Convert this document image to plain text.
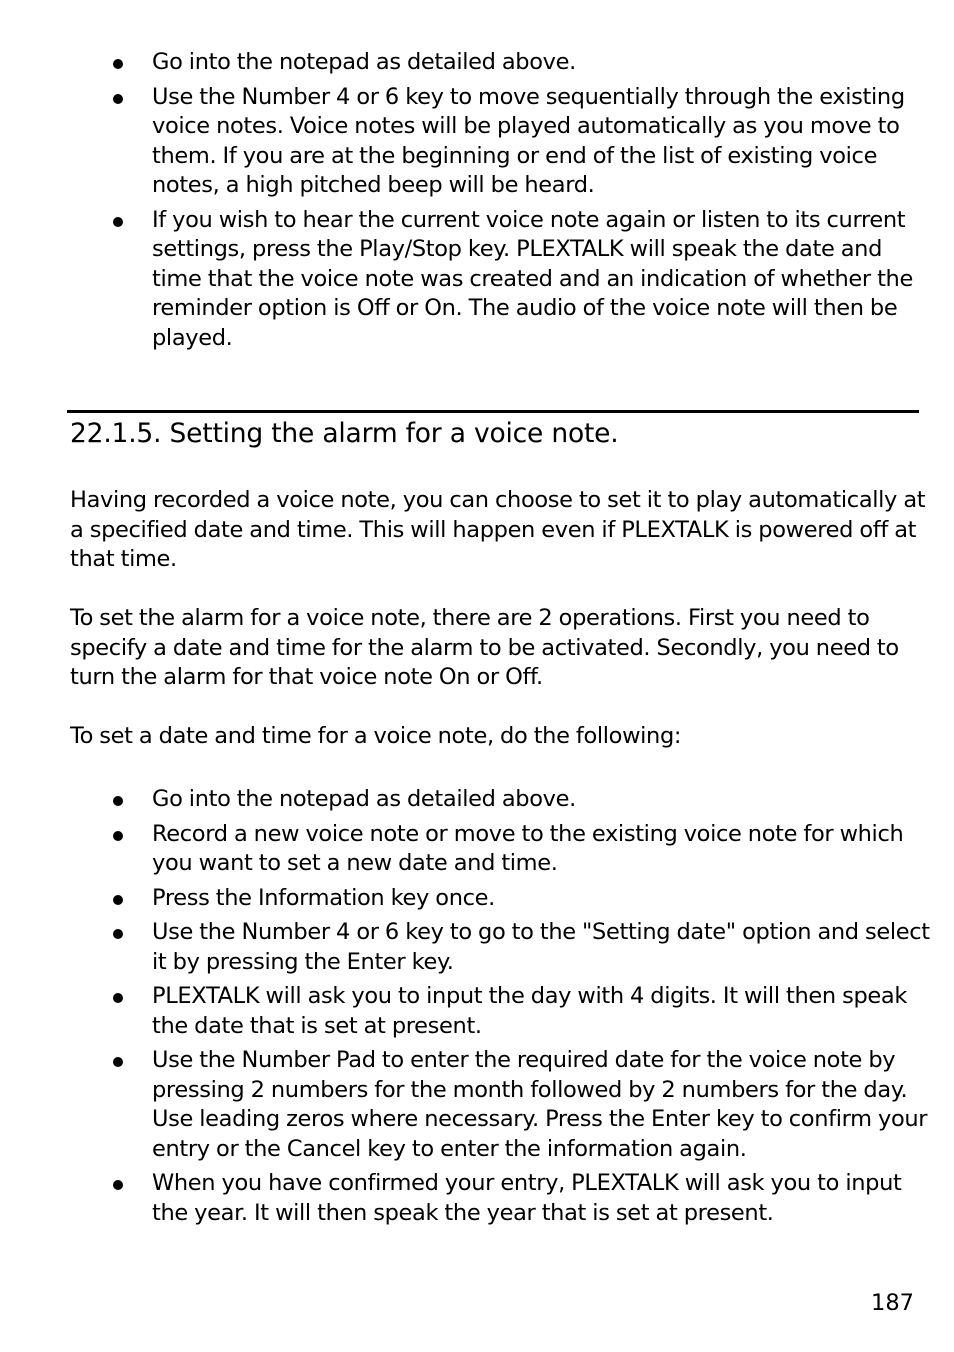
Go into the notepad as detailed above.
Use the Number 4 or 6 key to move sequentially through the existing voice notes. Voice notes will be played automatically as you move to them. If you are at the beginning or end of the list of existing voice notes, a high pitched beep will be heard.
If you wish to hear the current voice note again or listen to its current settings, press the Play/Stop key. PLEXTALK will speak the date and time that the voice note was created and an indication of whether the reminder option is Off or On. The audio of the voice note will then be played.
22.1.5. Setting the alarm for a voice note.

Having recorded a voice note, you can choose to set it to play automatically at a specified date and time. This will happen even if PLEXTALK is powered off at that time.

To set the alarm for a voice note, there are 2 operations. First you need to specify a date and time for the alarm to be activated. Secondly, you need to turn the alarm for that voice note On or Off.

To set a date and time for a voice note, do the following:

Go into the notepad as detailed above.
Record a new voice note or move to the existing voice note for which you want to set a new date and time.
Press the Information key once.
Use the Number 4 or 6 key to go to the "Setting date" option and select it by pressing the Enter key.
PLEXTALK will ask you to input the day with 4 digits. It will then speak the date that is set at present.
Use the Number Pad to enter the required date for the voice note by pressing 2 numbers for the month followed by 2 numbers for the day. Use leading zeros where necessary. Press the Enter key to confirm your entry or the Cancel key to enter the information again.
When you have confirmed your entry, PLEXTALK will ask you to input the year. It will then speak the year that is set at present.
187
